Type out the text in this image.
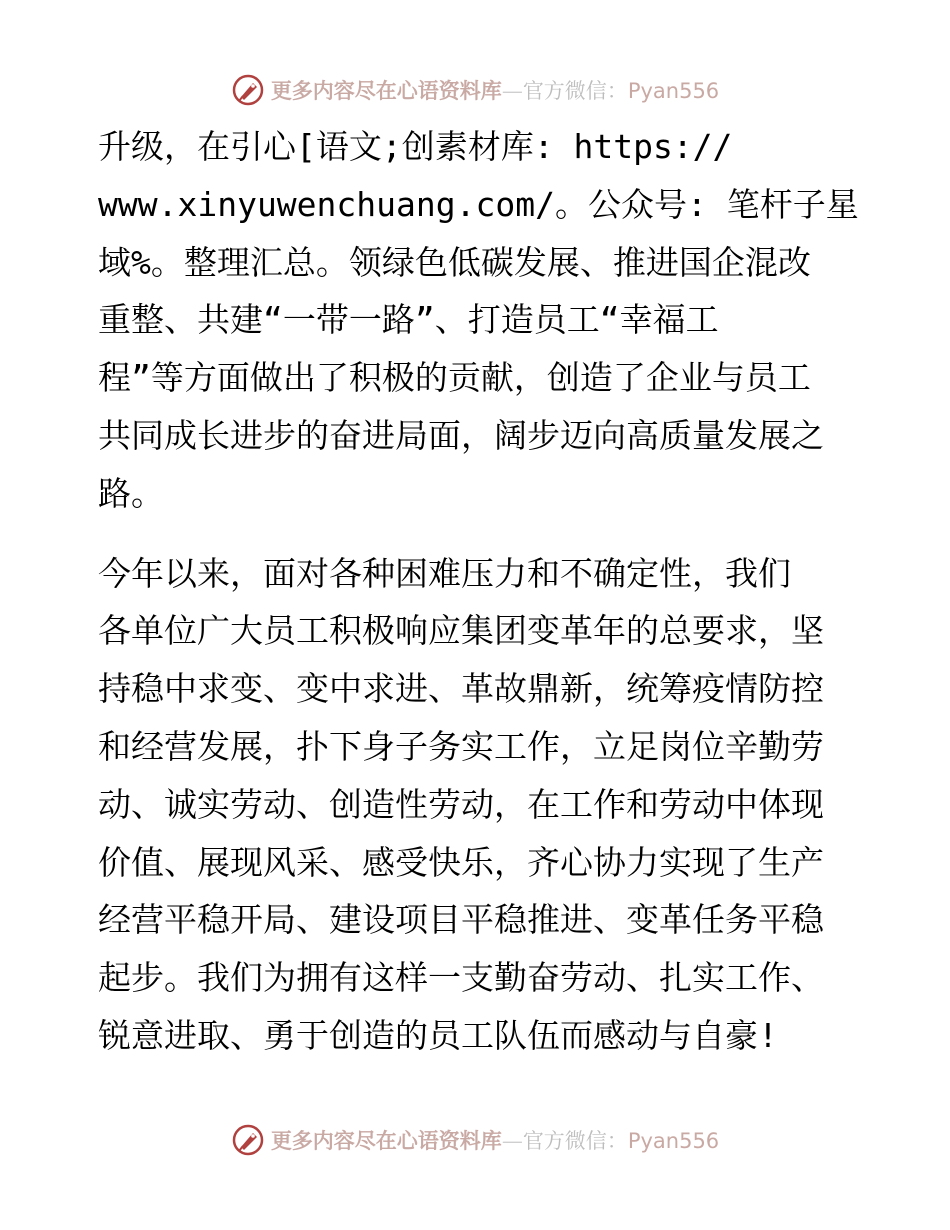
更多内容尽在心语资料库—官方微信：Pyan556
升级，在引心[语文;创素材库: https://
www.xinyuwenchuang.com/。公众号: 笔杆子星
域%。整理汇总。领绿色低碳发展、推进国企混改
重整、共建“一带一路”、打造员工“幸福工
程”等方面做出了积极的贡献，创造了企业与员工
共同成长进步的奋进局面，阔步迈向高质量发展之
路。
今年以来，面对各种困难压力和不确定性，我们
各单位广大员工积极响应集团变革年的总要求，坚
持稳中求变、变中求进、革故鼎新，统筹疫情防控
和经营发展，扑下身子务实工作，立足岗位辛勤劳
动、诚实劳动、创造性劳动，在工作和劳动中体现
价值、展现风采、感受快乐，齐心协力实现了生产
经营平稳开局、建设项目平稳推进、变革任务平稳
起步。我们为拥有这样一支勤奋劳动、扎实工作、
锐意进取、勇于创造的员工队伍而感动与自豪!
更多内容尽在心语资料库—官方微信：Pyan556
